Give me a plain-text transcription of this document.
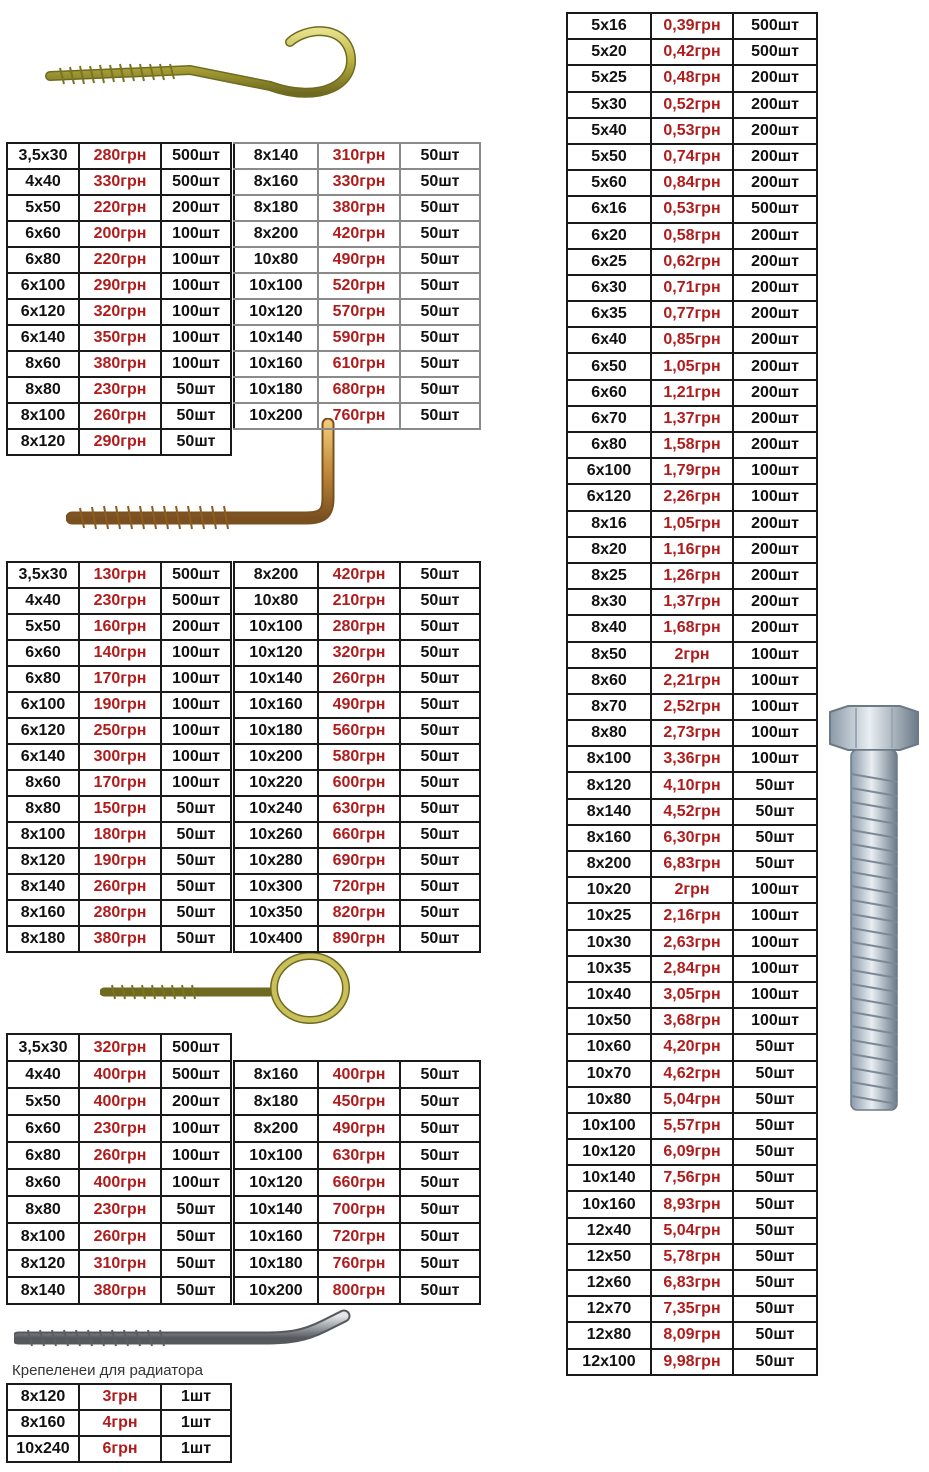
3,5x30	280грн	500шт
4x40	330грн	500шт
5x50	220грн	200шт
6x60	200грн	100шт
6x80	220грн	100шт
6x100	290грн	100шт
6x120	320грн	100шт
6x140	350грн	100шт
8x60	380грн	100шт
8x80	230грн	50шт
8x100	260грн	50шт
8x120	290грн	50шт
8x140	310грн	50шт
8x160	330грн	50шт
8x180	380грн	50шт
8x200	420грн	50шт
10x80	490грн	50шт
10x100	520грн	50шт
10x120	570грн	50шт
10x140	590грн	50шт
10x160	610грн	50шт
10x180	680грн	50шт
10x200	760грн	50шт
3,5x30	130грн	500шт
4x40	230грн	500шт
5x50	160грн	200шт
6x60	140грн	100шт
6x80	170грн	100шт
6x100	190грн	100шт
6x120	250грн	100шт
6x140	300грн	100шт
8x60	170грн	100шт
8x80	150грн	50шт
8x100	180грн	50шт
8x120	190грн	50шт
8x140	260грн	50шт
8x160	280грн	50шт
8x180	380грн	50шт
8x200	420грн	50шт
10x80	210грн	50шт
10x100	280грн	50шт
10x120	320грн	50шт
10x140	260грн	50шт
10x160	490грн	50шт
10x180	560грн	50шт
10x200	580грн	50шт
10x220	600грн	50шт
10x240	630грн	50шт
10x260	660грн	50шт
10x280	690грн	50шт
10x300	720грн	50шт
10x350	820грн	50шт
10x400	890грн	50шт
3,5x30	320грн	500шт
4x40	400грн	500шт
5x50	400грн	200шт
6x60	230грн	100шт
6x80	260грн	100шт
8x60	400грн	100шт
8x80	230грн	50шт
8x100	260грн	50шт
8x120	310грн	50шт
8x140	380грн	50шт
8x160	400грн	50шт
8x180	450грн	50шт
8x200	490грн	50шт
10x100	630грн	50шт
10x120	660грн	50шт
10x140	700грн	50шт
10x160	720грн	50шт
10x180	760грн	50шт
10x200	800грн	50шт
Крепеленеи для радиатора
8x120	3грн	1шт
8x160	4грн	1шт
10x240	6грн	1шт
5x16	0,39грн	500шт
5x20	0,42грн	500шт
5x25	0,48грн	200шт
5x30	0,52грн	200шт
5x40	0,53грн	200шт
5x50	0,74грн	200шт
5x60	0,84грн	200шт
6x16	0,53грн	500шт
6x20	0,58грн	200шт
6x25	0,62грн	200шт
6x30	0,71грн	200шт
6x35	0,77грн	200шт
6x40	0,85грн	200шт
6x50	1,05грн	200шт
6x60	1,21грн	200шт
6x70	1,37грн	200шт
6x80	1,58грн	200шт
6x100	1,79грн	100шт
6x120	2,26грн	100шт
8x16	1,05грн	200шт
8x20	1,16грн	200шт
8x25	1,26грн	200шт
8x30	1,37грн	200шт
8x40	1,68грн	200шт
8x50	2грн	100шт
8x60	2,21грн	100шт
8x70	2,52грн	100шт
8x80	2,73грн	100шт
8x100	3,36грн	100шт
8x120	4,10грн	50шт
8x140	4,52грн	50шт
8x160	6,30грн	50шт
8x200	6,83грн	50шт
10x20	2грн	100шт
10x25	2,16грн	100шт
10x30	2,63грн	100шт
10x35	2,84грн	100шт
10x40	3,05грн	100шт
10x50	3,68грн	100шт
10x60	4,20грн	50шт
10x70	4,62грн	50шт
10x80	5,04грн	50шт
10x100	5,57грн	50шт
10x120	6,09грн	50шт
10x140	7,56грн	50шт
10x160	8,93грн	50шт
12x40	5,04грн	50шт
12x50	5,78грн	50шт
12x60	6,83грн	50шт
12x70	7,35грн	50шт
12x80	8,09грн	50шт
12x100	9,98грн	50шт
